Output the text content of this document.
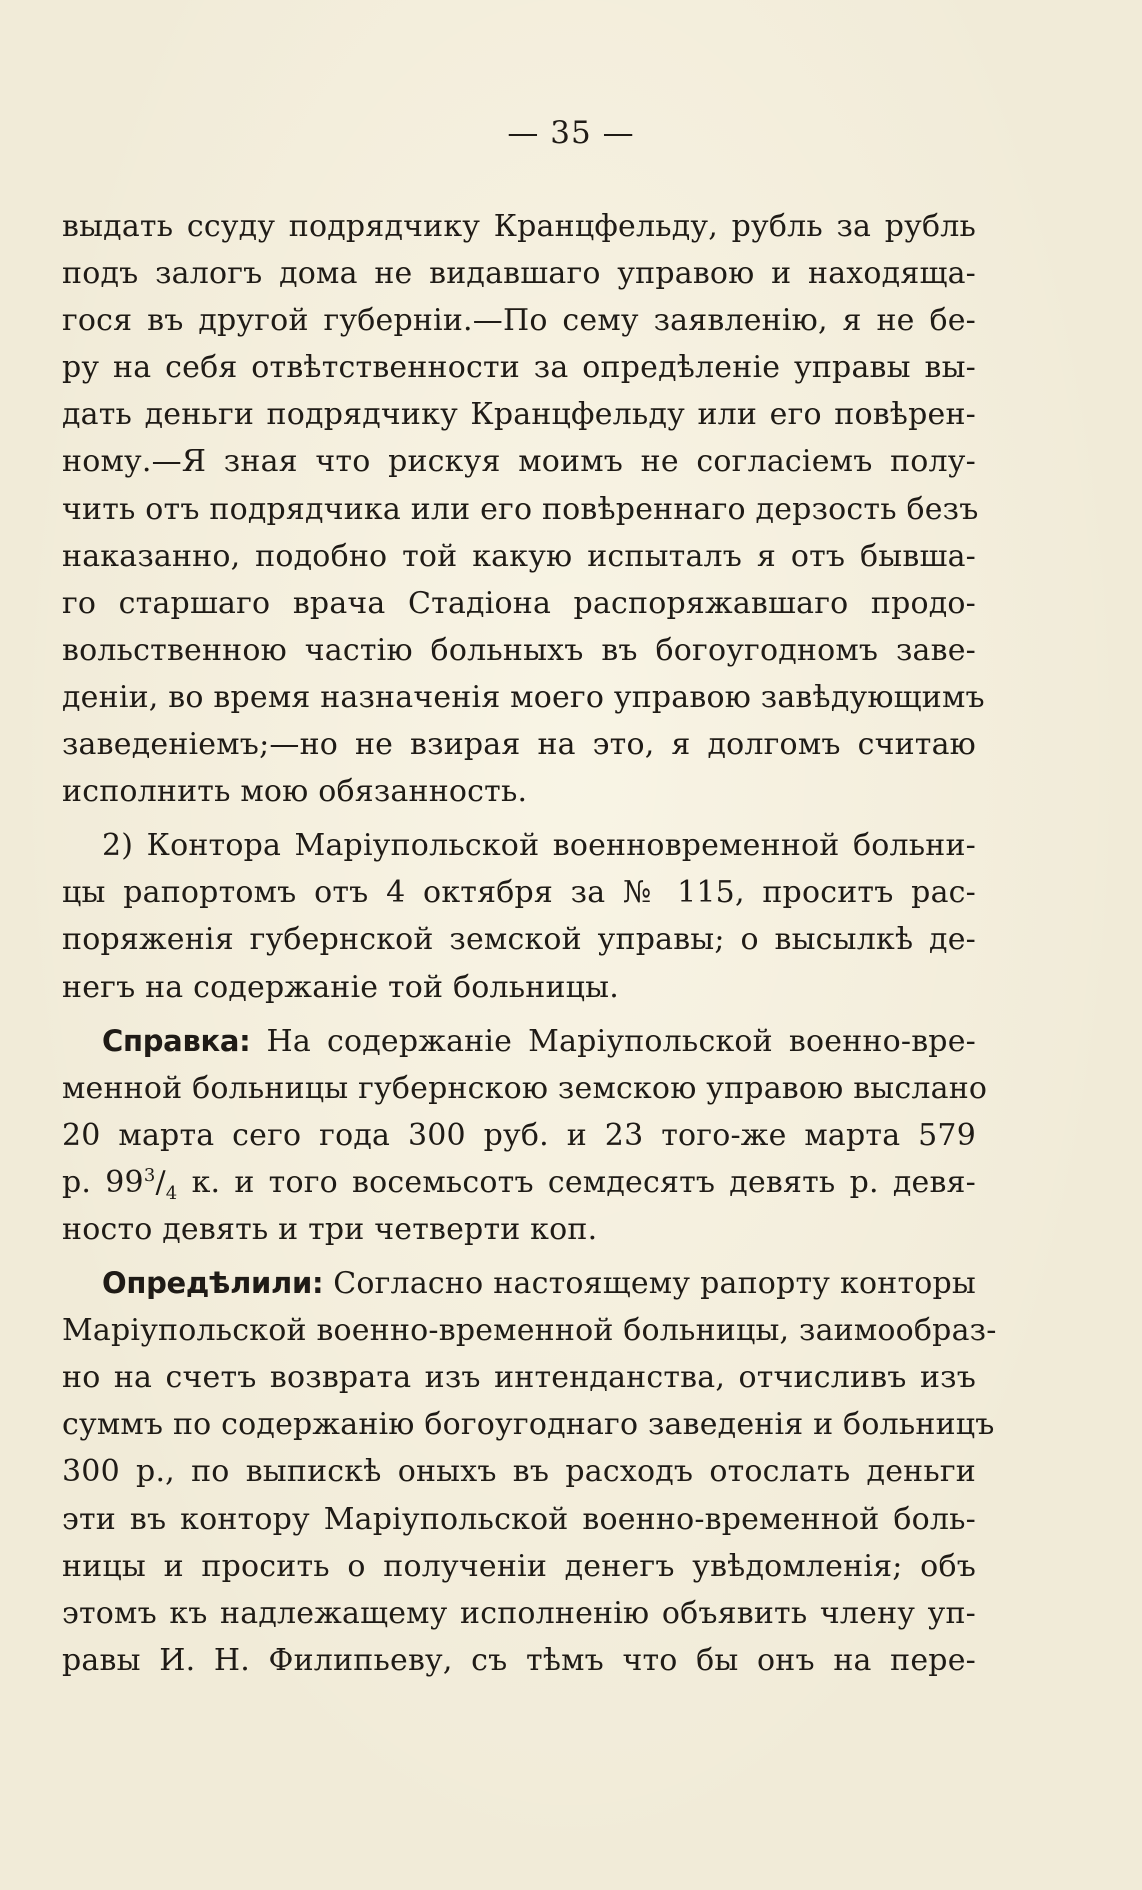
— 35 —
выдать ссуду подрядчику Кранцфельду, рубль за рубль
подъ залогъ дома не видавшаго управою и находяща-
гося въ другой губерніи.—По сему заявленію, я не бе-
ру на себя отвѣтственности за опредѣленіе управы вы-
дать деньги подрядчику Кранцфельду или его повѣрен-
ному.—Я зная что рискуя моимъ не согласіемъ полу-
чить отъ подрядчика или его повѣреннаго дерзость безъ
наказанно, подобно той какую испыталъ я отъ бывша-
го старшаго врача Стадіона распоряжавшаго продо-
вольственною частію больныхъ въ богоугодномъ заве-
деніи, во время назначенія моего управою завѣдующимъ
заведеніемъ;—но не взирая на это, я долгомъ считаю
исполнить мою обязанность.
2) Контора Маріупольской военновременной больни-
цы рапортомъ отъ 4 октября за № 115, проситъ рас-
поряженія губернской земской управы; о высылкѣ де-
негъ на содержаніе той больницы.
Справка: На содержаніе Маріупольской военно-вре-
менной больницы губернскою земскою управою выслано
20 марта сего года 300 руб. и 23 того-же марта 579
р. $99^3/_4$ к. и того восемьсотъ семдесятъ девять р. девя-
носто девять и три четверти коп.
Опредѣлили: Согласно настоящему рапорту конторы
Маріупольской военно-временной больницы, заимообраз-
но на счетъ возврата изъ интенданства, отчисливъ изъ
суммъ по содержанію богоугоднаго заведенія и больницъ
300 р., по выпискѣ оныхъ въ расходъ отослать деньги
эти въ контору Маріупольской военно-временной боль-
ницы и просить о полученіи денегъ увѣдомленія; объ
этомъ къ надлежащему исполненію объявить члену уп-
равы И. Н. Филипьеву, съ тѣмъ что бы онъ на пере-
